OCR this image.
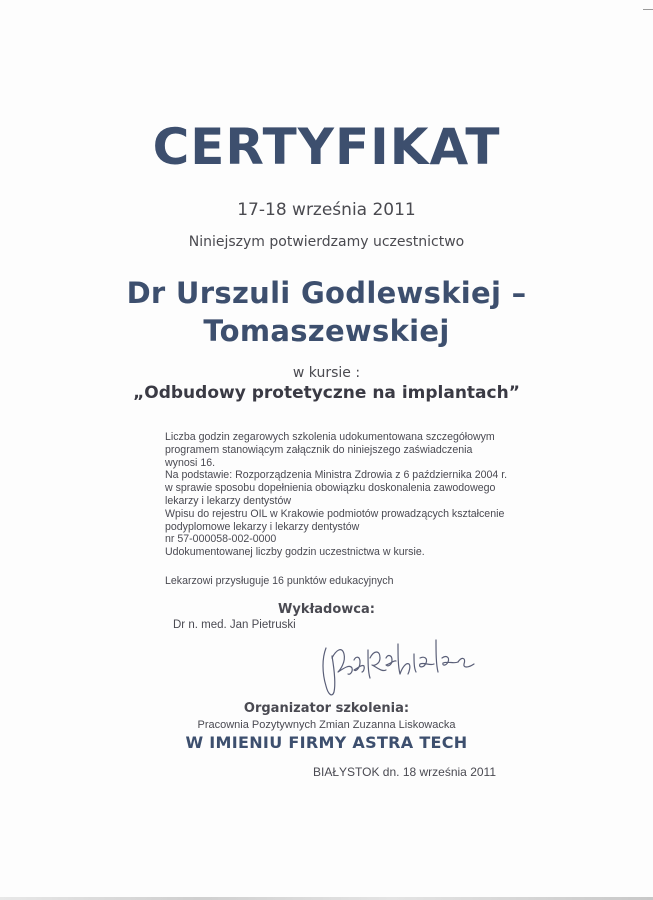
CERTYFIKAT
17-18 września 2011
Niniejszym potwierdzamy uczestnictwo
Dr Urszuli Godlewskiej –
Tomaszewskiej
w kursie :
„Odbudowy protetyczne na implantach”
Liczba godzin zegarowych szkolenia udokumentowana szczegółowym
programem stanowiącym załącznik do niniejszego zaświadczenia
wynosi 16.
Na podstawie: Rozporządzenia Ministra Zdrowia z 6 października 2004 r.
w sprawie sposobu dopełnienia obowiązku doskonalenia zawodowego
lekarzy i lekarzy dentystów
Wpisu do rejestru OIL w Krakowie podmiotów prowadzących kształcenie
podyplomowe lekarzy i lekarzy dentystów
nr 57-000058-002-0000
Udokumentowanej liczby godzin uczestnictwa w kursie.
Lekarzowi przysługuje 16 punktów edukacyjnych
Wykładowca:
Dr n. med. Jan Pietruski
Organizator szkolenia:
Pracownia Pozytywnych Zmian Zuzanna Liskowacka
W IMIENIU FIRMY ASTRA TECH
BIAŁYSTOK dn. 18 września 2011
